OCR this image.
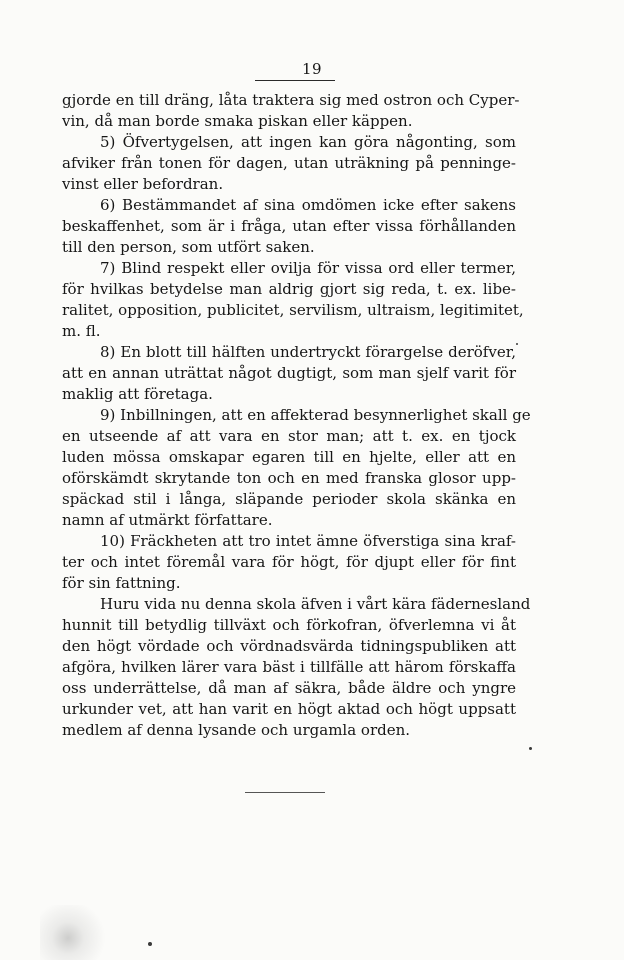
19
gjorde en till dräng, låta traktera sig med ostron och Cyper-
vin, då man borde smaka piskan eller käppen.
5) Öfvertygelsen, att ingen kan göra någonting, som
afviker från tonen för dagen, utan uträkning på penninge-
vinst eller befordran.
6) Bestämmandet af sina omdömen icke efter sakens
beskaffenhet, som är i fråga, utan efter vissa förhållanden
till den person, som utfört saken.
7) Blind respekt eller ovilja för vissa ord eller termer,
för hvilkas betydelse man aldrig gjort sig reda, t. ex. libe-
ralitet, opposition, publicitet, servilism, ultraism, legitimitet,
m. fl.
8) En blott till hälften undertryckt förargelse deröfver,
att en annan uträttat något dugtigt, som man sjelf varit för
maklig att företaga.
9) Inbillningen, att en affekterad besynnerlighet skall ge
en utseende af att vara en stor man; att t. ex. en tjock
luden mössa omskapar egaren till en hjelte, eller att en
oförskämdt skrytande ton och en med franska glosor upp-
späckad stil i långa, släpande perioder skola skänka en
namn af utmärkt författare.
10) Fräckheten att tro intet ämne öfverstiga sina kraf-
ter och intet föremål vara för högt, för djupt eller för fint
för sin fattning.
Huru vida nu denna skola äfven i vårt kära fädernesland
hunnit till betydlig tillväxt och förkofran, öfverlemna vi åt
den högt vördade och vördnadsvärda tidningspubliken att
afgöra, hvilken lärer vara bäst i tillfälle att härom förskaffa
oss underrättelse, då man af säkra, både äldre och yngre
urkunder vet, att han varit en högt aktad och högt uppsatt
medlem af denna lysande och urgamla orden.
